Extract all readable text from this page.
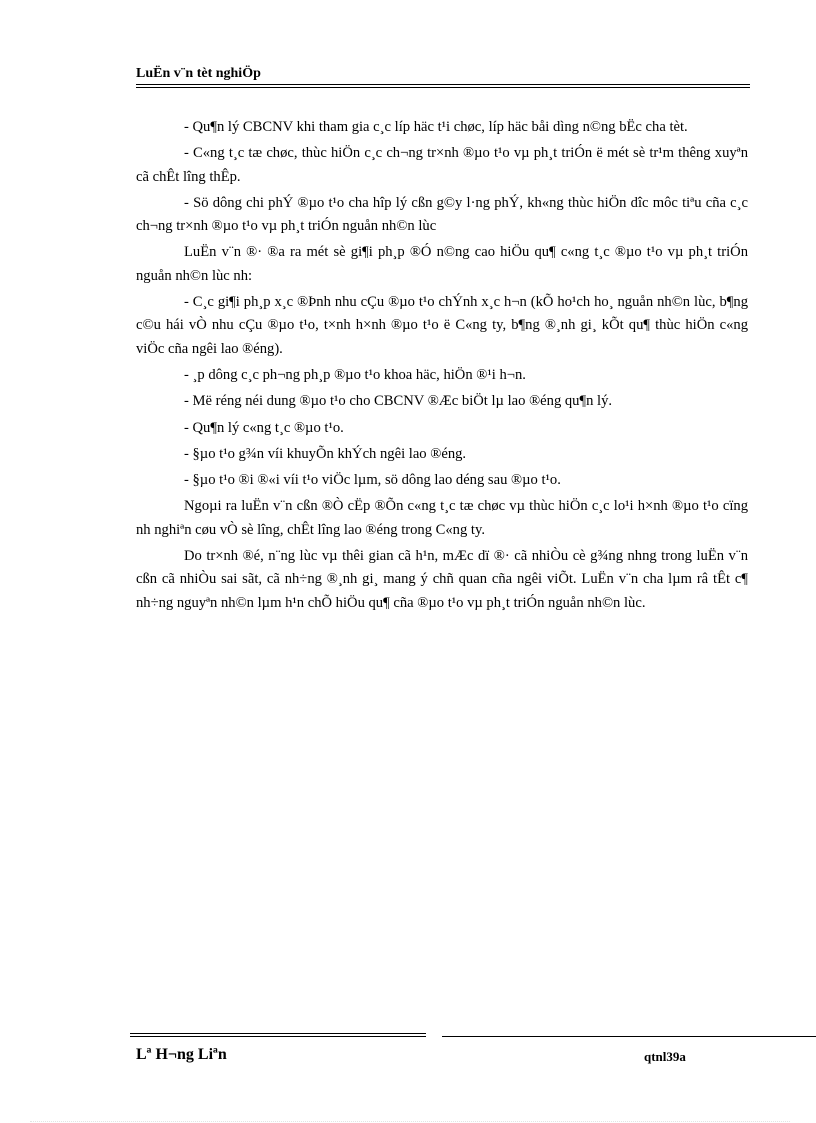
LuËn v¨n tèt nghiÖp

- Qu¶n lý CBCNV khi tham gia c¸c líp häc t¹i chøc, líp häc båi dìng n©ng bËc cha tèt.

- C«ng t¸c tæ chøc, thùc hiÖn c¸c ch¬ng tr×nh ®µo t¹o vµ ph¸t triÓn ë mét sè tr¹m thêng xuyªn cã chÊt lîng thÊp.

- Sö dông chi phÝ ®µo t¹o cha hîp lý cßn g©y l·ng phÝ, kh«ng thùc hiÖn dîc môc tiªu cña c¸c ch¬ng tr×nh ®µo t¹o vµ ph¸t triÓn nguån nh©n lùc

LuËn v¨n ®· ®a ra mét sè gi¶i ph¸p ®Ó n©ng cao hiÖu qu¶ c«ng t¸c ®µo t¹o vµ ph¸t triÓn nguån nh©n lùc nh:

- C¸c gi¶i ph¸p x¸c ®Þnh nhu cÇu ®µo t¹o chÝnh x¸c h¬n (kÕ ho¹ch ho¸ nguån nh©n lùc, b¶ng c©u hái vÒ nhu cÇu ®µo t¹o, t×nh h×nh ®µo t¹o ë C«ng ty, b¶ng ®¸nh gi¸ kÕt qu¶ thùc hiÖn c«ng viÖc cña ngêi lao ®éng).

- ¸p dông c¸c ph¬ng ph¸p ®µo t¹o khoa häc, hiÖn ®¹i h¬n.

- Më réng néi dung ®µo t¹o cho CBCNV ®Æc biÖt lµ lao ®éng qu¶n lý.

- Qu¶n lý c«ng t¸c ®µo t¹o.

- §µo t¹o g¾n víi khuyÕn khÝch ngêi lao ®éng.

- §µo t¹o ®i ®«i víi t¹o viÖc lµm, sö dông lao déng sau ®µo t¹o.

Ngoµi ra luËn v¨n cßn ®Ò cËp ®Õn c«ng t¸c tæ chøc vµ thùc hiÖn c¸c lo¹i h×nh ®µo t¹o cïng nh nghiªn cøu vÒ sè lîng, chÊt lîng lao ®éng trong C«ng ty.

Do tr×nh ®é, n¨ng lùc vµ thêi gian cã h¹n, mÆc dï ®· cã nhiÒu cè g¾ng nhng trong luËn v¨n cßn cã nhiÒu sai sãt, cã nh÷ng ®¸nh gi¸ mang ý chñ quan cña ngêi viÕt. LuËn v¨n cha lµm râ tÊt c¶ nh÷ng nguyªn nh©n lµm h¹n chÕ hiÖu qu¶ cña ®µo t¹o vµ ph¸t triÓn nguån nh©n lùc.

Lª H¬ng Liªn	qtnl39a
